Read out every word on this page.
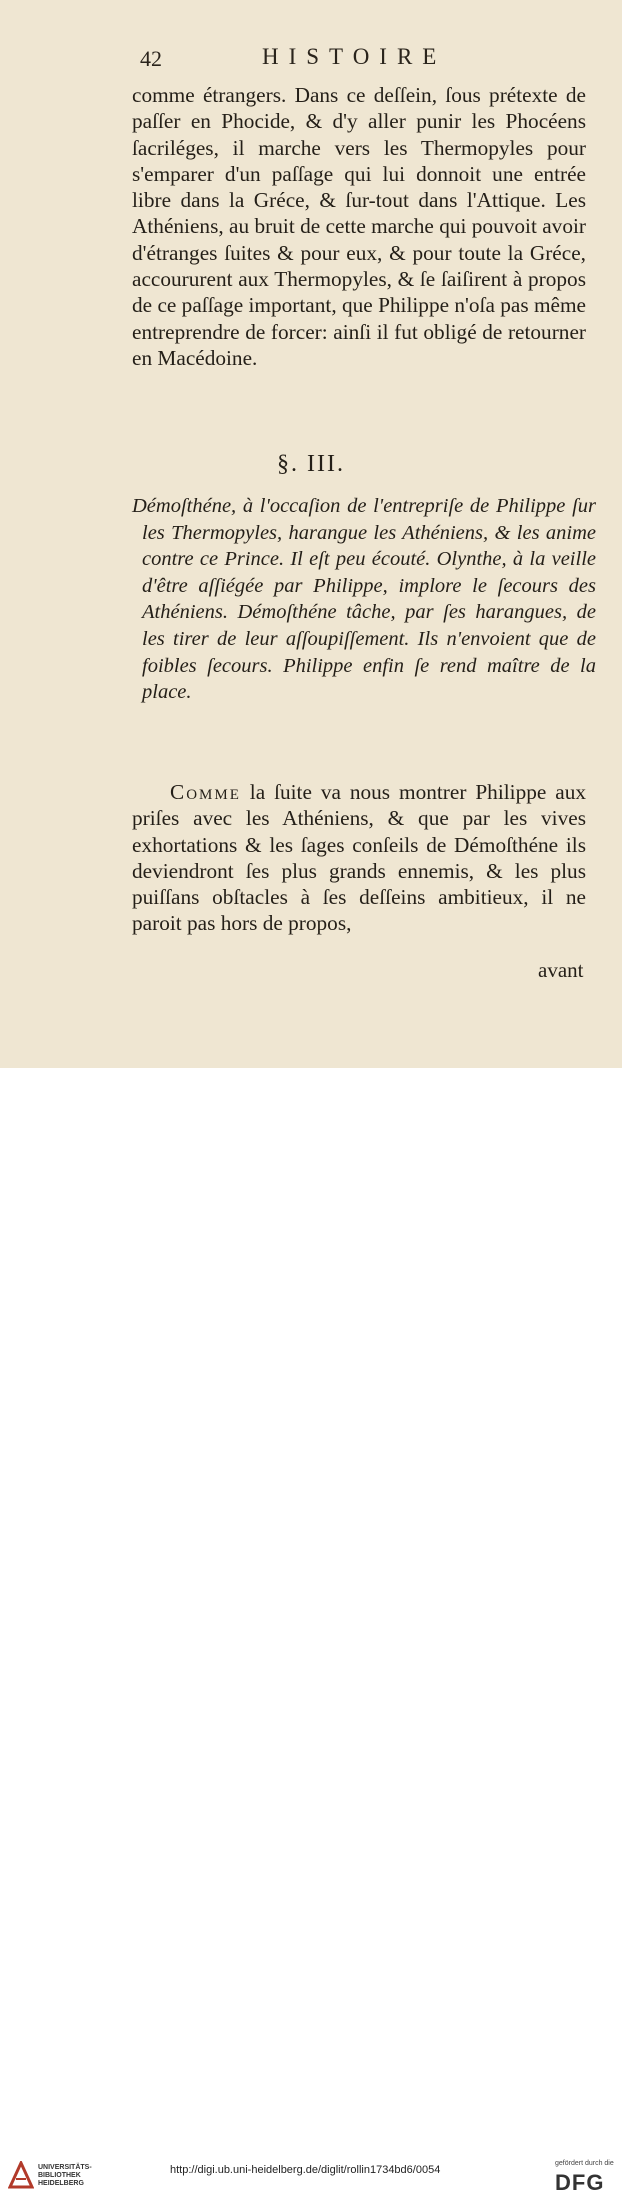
42	HISTOIRE

comme étrangers. Dans ce deſſein, ſous prétexte de paſſer en Phocide, & d'y aller punir les Phocéens ſacriléges, il marche vers les Thermopyles pour s'emparer d'un paſſage qui lui donnoit une entrée libre dans la Gréce, & ſur-tout dans l'Attique. Les Athéniens, au bruit de cette marche qui pouvoit avoir d'étranges ſuites & pour eux, & pour toute la Gréce, accoururent aux Thermopyles, & ſe ſaiſirent à propos de ce paſſage important, que Philippe n'oſa pas même entreprendre de forcer: ainſi il fut obligé de retourner en Macédoine.

§. III.

Démoſthéne, à l'occaſion de l'entrepriſe de Philippe ſur les Thermopyles, harangue les Athéniens, & les anime contre ce Prince. Il eſt peu écouté. Olynthe, à la veille d'être aſſiégée par Philippe, implore le ſecours des Athéniens. Démoſthéne tâche, par ſes harangues, de les tirer de leur aſſoupiſſement. Ils n'envoient que de foibles ſecours. Philippe enfin ſe rend maître de la place.

Comme la ſuite va nous montrer Philippe aux priſes avec les Athéniens, & que par les vives exhortations & les ſages conſeils de Démoſthéne ils deviendront ſes plus grands ennemis, & les plus puiſſans obſtacles à ſes deſſeins ambitieux, il ne paroit pas hors de propos,

avant
UNIVERSITÄTS-
BIBLIOTHEK
HEIDELBERG
http://digi.ub.uni-heidelberg.de/diglit/rollin1734bd6/0054
gefördert durch die
DFG
